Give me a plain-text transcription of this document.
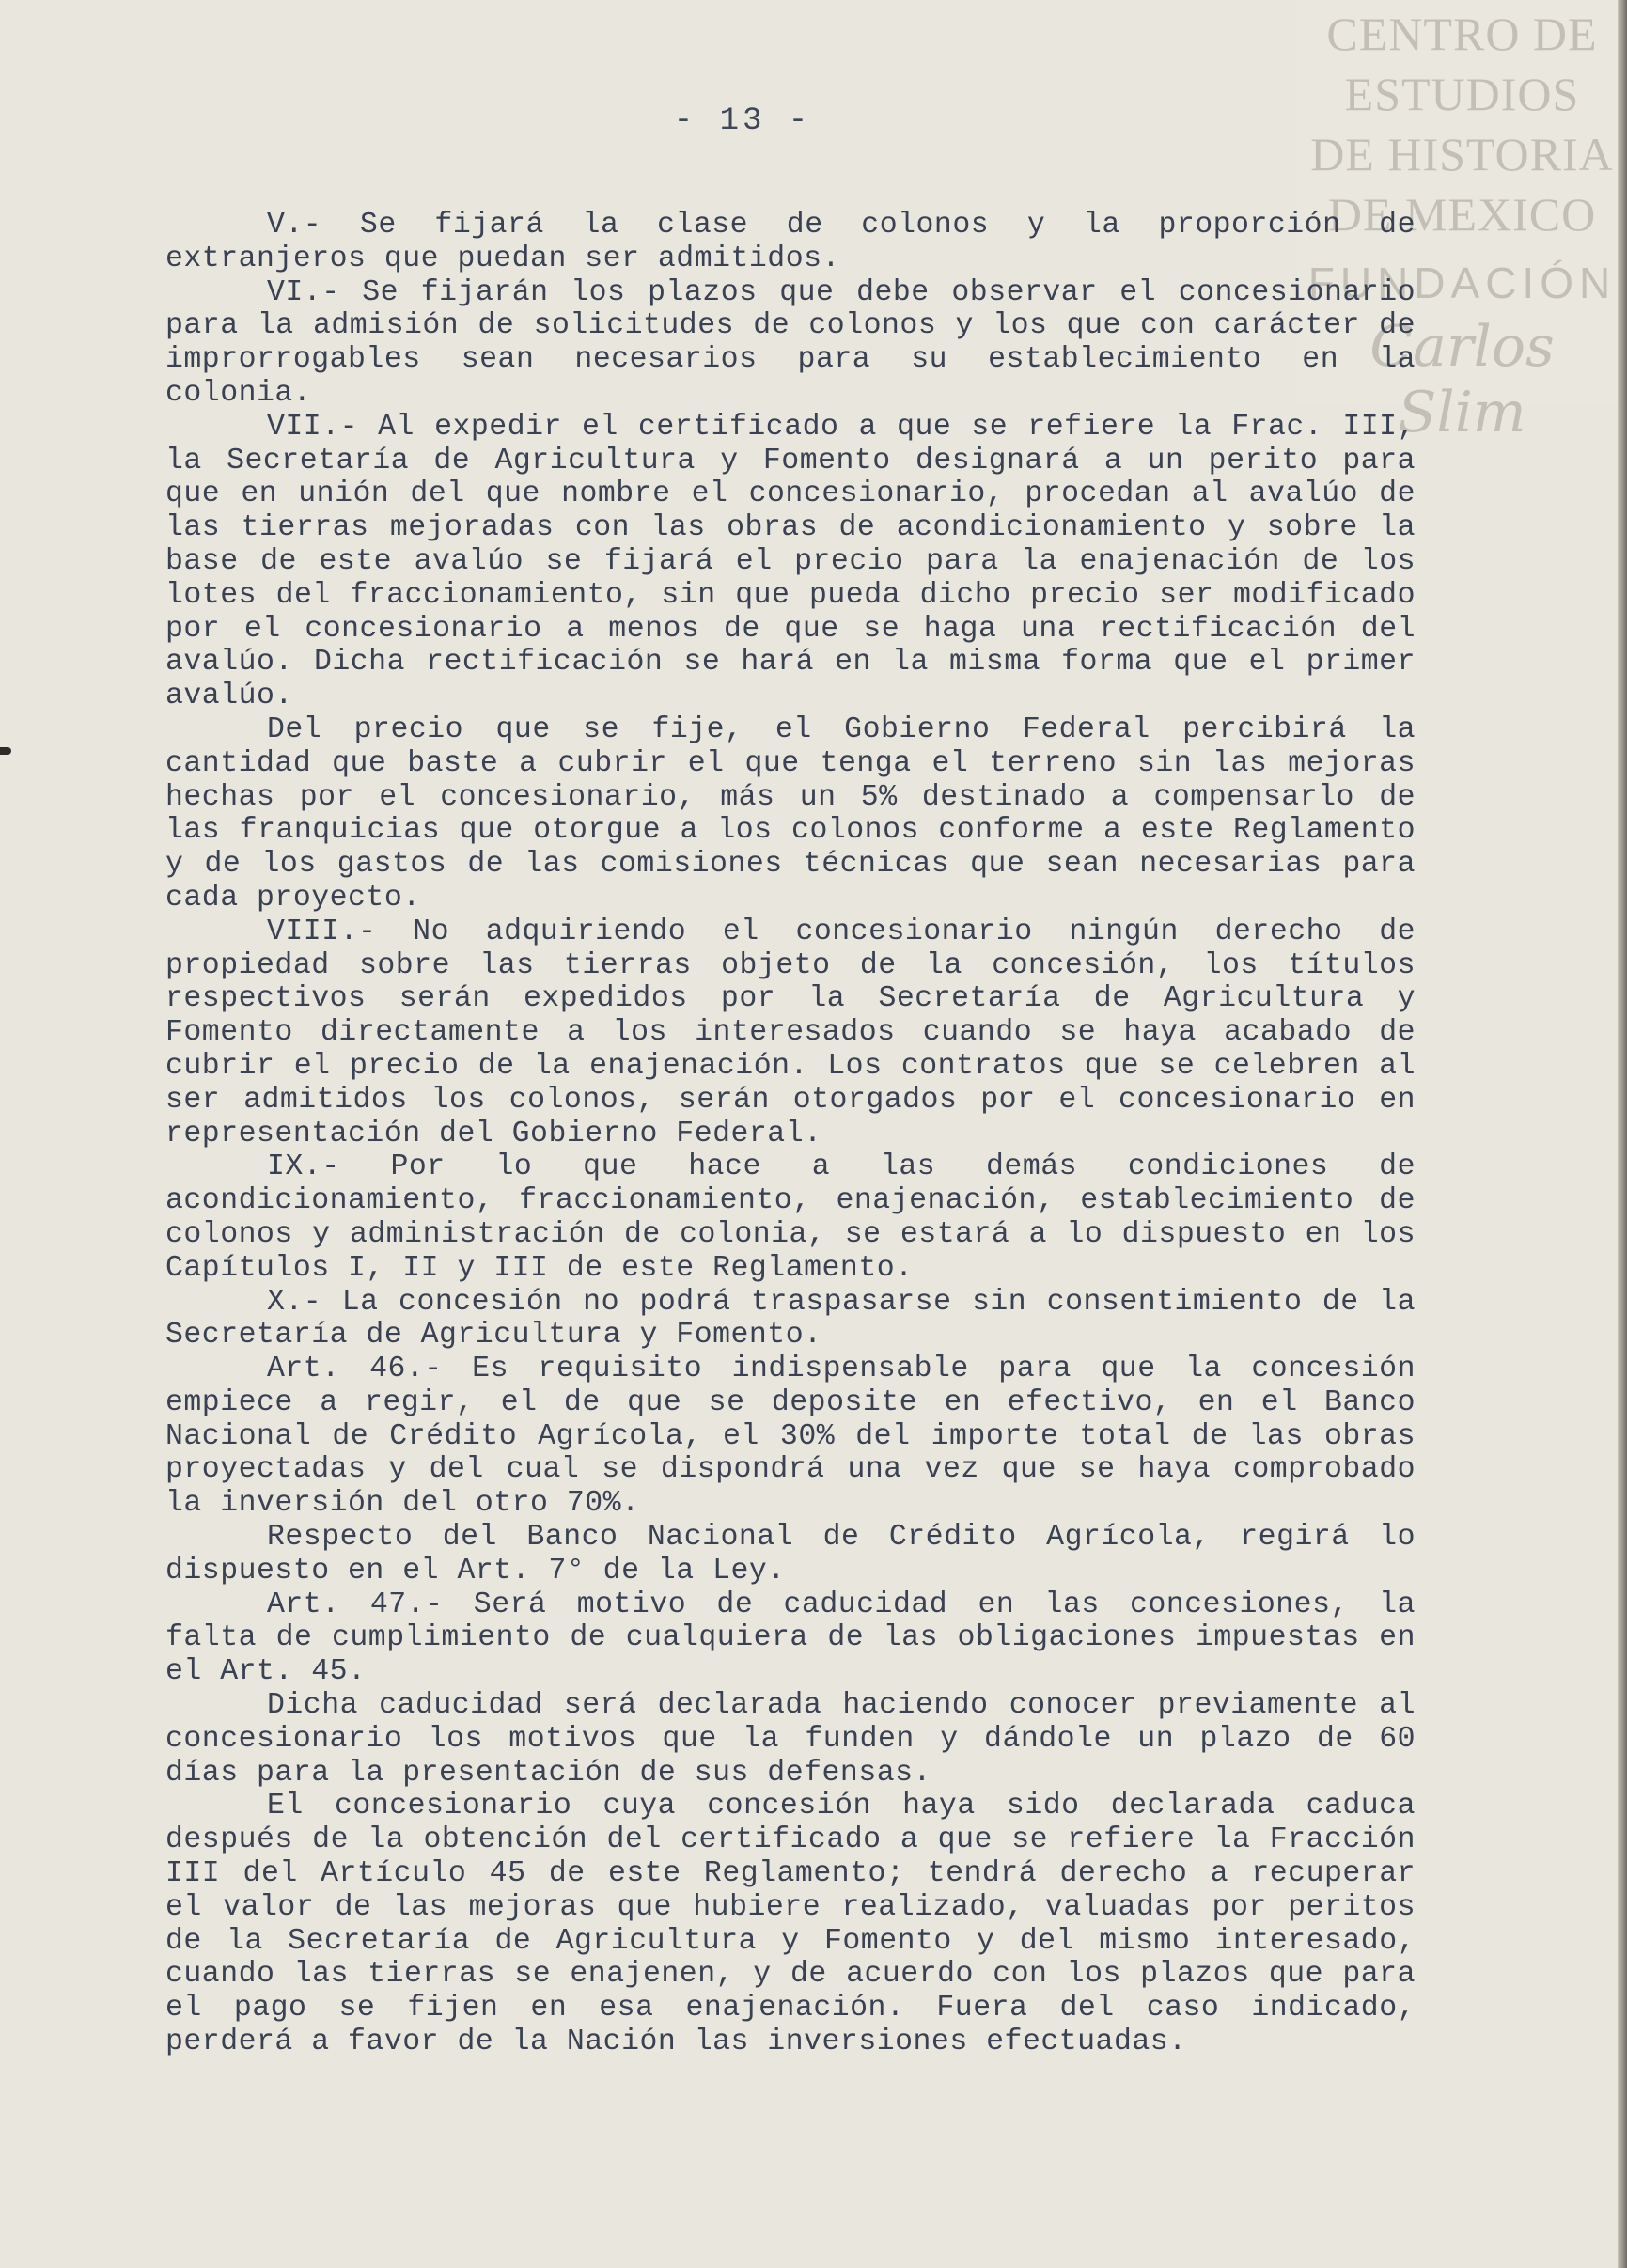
CENTRO DE
ESTUDIOS
DE HISTORIA
DE MEXICO
FUNDACIÓN
Carlos Slim
- 13 -

V.- Se fijará la clase de colonos y la proporción de extranjeros que puedan ser admitidos.

VI.- Se fijarán los plazos que debe observar el concesionario para la admisión de solicitudes de colonos y los que con carácter de improrrogables sean necesarios para su establecimiento en la colonia.

VII.- Al expedir el certificado a que se refiere la Frac. III, la Secretaría de Agricultura y Fomento designará a un perito para que en unión del que nombre el concesionario, procedan al avalúo de las tierras mejoradas con las obras de acondicionamiento y sobre la base de este avalúo se fijará el precio para la enajenación de los lotes del fraccionamiento, sin que pueda dicho precio ser modificado por el concesionario a menos de que se haga una rectificación del avalúo. Dicha rectificación se hará en la misma forma que el primer avalúo.

Del precio que se fije, el Gobierno Federal percibirá la cantidad que baste a cubrir el que tenga el terreno sin las mejoras hechas por el concesionario, más un 5% destinado a compensarlo de las franquicias que otorgue a los colonos conforme a este Reglamento y de los gastos de las comisiones técnicas que sean necesarias para cada proyecto.

VIII.- No adquiriendo el concesionario ningún derecho de propiedad sobre las tierras objeto de la concesión, los títulos respectivos serán expedidos por la Secretaría de Agricultura y Fomento directamente a los interesados cuando se haya acabado de cubrir el precio de la enajenación. Los contratos que se celebren al ser admitidos los colonos, serán otorgados por el concesionario en representación del Gobierno Federal.

IX.- Por lo que hace a las demás condiciones de acondicionamiento, fraccionamiento, enajenación, establecimiento de colonos y administración de colonia, se estará a lo dispuesto en los Capítulos I, II y III de este Reglamento.

X.- La concesión no podrá traspasarse sin consentimiento de la Secretaría de Agricultura y Fomento.

Art. 46.- Es requisito indispensable para que la concesión empiece a regir, el de que se deposite en efectivo, en el Banco Nacional de Crédito Agrícola, el 30% del importe total de las obras proyectadas y del cual se dispondrá una vez que se haya comprobado la inversión del otro 70%.

Respecto del Banco Nacional de Crédito Agrícola, regirá lo dispuesto en el Art. 7° de la Ley.

Art. 47.- Será motivo de caducidad en las concesiones, la falta de cumplimiento de cualquiera de las obligaciones impuestas en el Art. 45.

Dicha caducidad será declarada haciendo conocer previamente al concesionario los motivos que la funden y dándole un plazo de 60 días para la presentación de sus defensas.

El concesionario cuya concesión haya sido declarada caduca después de la obtención del certificado a que se refiere la Fracción III del Artículo 45 de este Reglamento; tendrá derecho a recuperar el valor de las mejoras que hubiere realizado, valuadas por peritos de la Secretaría de Agricultura y Fomento y del mismo interesado, cuando las tierras se enajenen, y de acuerdo con los plazos que para el pago se fijen en esa enajenación. Fuera del caso indicado, perderá a favor de la Nación las inversiones efectuadas.
